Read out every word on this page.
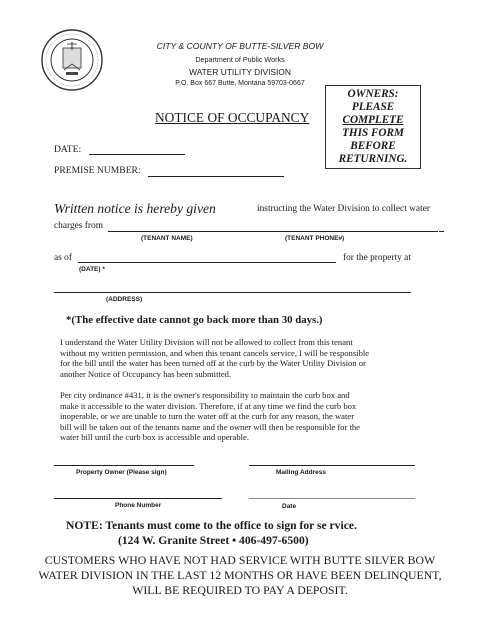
CITY & COUNTY OF BUTTE-SILVER BOW
Department of Public Works
WATER UTILITY DIVISION
P.O. Box 667 Butte, Montana 59703-0667
OWNERS:
PLEASE
COMPLETE
THIS FORM
BEFORE
RETURNING.
NOTICE OF OCCUPANCY
DATE:
PREMISE NUMBER:
Written notice is hereby given	instructing the Water Division to collect water
charges from
(TENANT NAME)	(TENANT PHONE#)
as of	for the property at
(DATE) *
(ADDRESS)
*(The effective date cannot go back more than 30 days.)
I understand the Water Utility Division will not be allowed to collect from this tenant
without my written permission, and when this tenant cancels service, I will be responsible
for the bill until the water has been turned off at the curb by the Water Utility Division or
another Notice of Occupancy has been submitted.
Per city ordinance #431, it is the owner's responsibility to maintain the curb box and
make it accessible to the water division. Therefore, if at any time we find the curb box
inoperable, or we are unable to turn the water off at the curb for any reason, the water
bill will be taken out of the tenants name and the owner will then be responsible for the
water bill until the curb box is accessible and operable.
Property Owner (Please sign)	Mailing Address
Phone Number	Date
NOTE: Tenants must come to the office to sign for se rvice.
(124 W. Granite Street • 406-497-6500)
CUSTOMERS WHO HAVE NOT HAD SERVICE WITH BUTTE SILVER BOW
WATER DIVISION IN THE LAST 12 MONTHS OR HAVE BEEN DELINQUENT,
WILL BE REQUIRED TO PAY A DEPOSIT.
